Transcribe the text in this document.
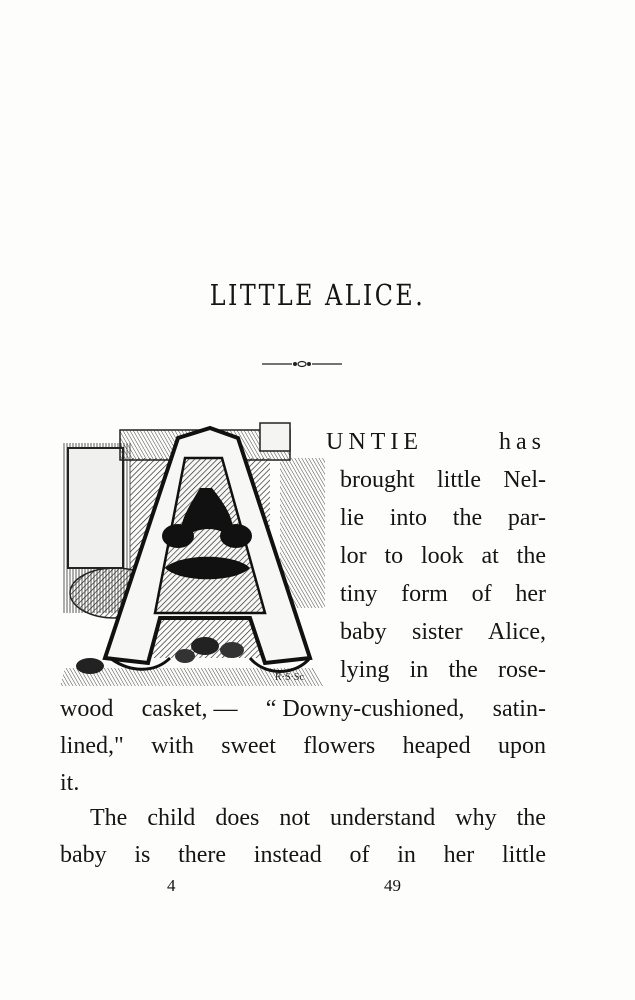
LITTLE ALICE.
R·S·Sc
UNTIE	has
brought little Nel-
lie into the par-
lor to look at the
tiny form of her
baby sister Alice,
lying in the rose-
wood casket, — “ Downy-cushioned, satin-
lined," with sweet flowers heaped upon
it.
The child does not understand why the
baby is there instead of in her little
4	49
